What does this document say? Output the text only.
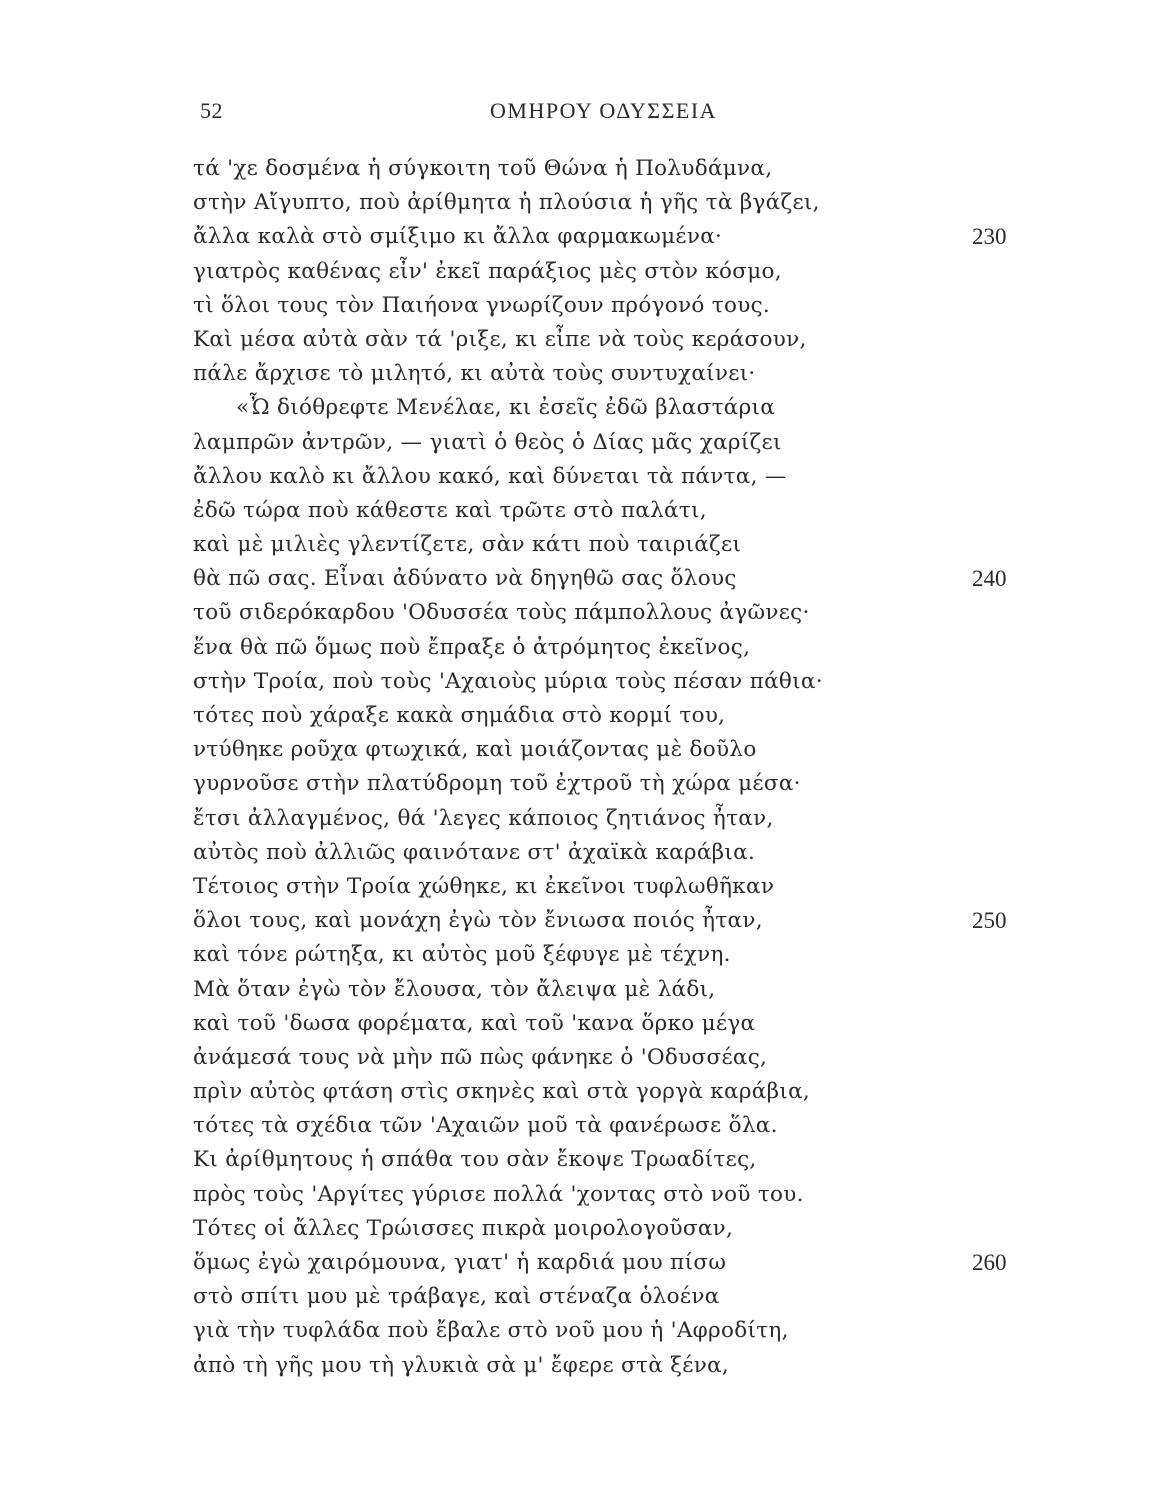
52	ΟΜΗΡΟΥ ΟΔΥΣΣΕΙΑ
τά 'χε δοσμένα ἡ σύγκοιτη τοῦ Θώνα ἡ Πολυδάμνα,
στὴν Αἴγυπτο, ποὺ ἀρίθμητα ἡ πλούσια ἡ γῆς τὰ βγάζει,
ἄλλα καλὰ στὸ σμίξιμο κι ἄλλα φαρμακωμένα·	230
γιατρὸς καθένας εἶν' ἐκεῖ παράξιος μὲς στὸν κόσμο,
τὶ ὅλοι τους τὸν Παιήονα γνωρίζουν πρόγονό τους.
Καὶ μέσα αὐτὰ σὰν τά 'ριξε, κι εἶπε νὰ τοὺς κεράσουν,
πάλε ἄρχισε τὸ μιλητό, κι αὐτὰ τοὺς συντυχαίνει·
«Ὦ διόθρεφτε Μενέλαε, κι ἐσεῖς ἐδῶ βλαστάρια
λαμπρῶν ἀντρῶν, — γιατὶ ὁ θεὸς ὁ Δίας μᾶς χαρίζει
ἄλλου καλὸ κι ἄλλου κακό, καὶ δύνεται τὰ πάντα, —
ἐδῶ τώρα ποὺ κάθεστε καὶ τρῶτε στὸ παλάτι,
καὶ μὲ μιλιὲς γλεντίζετε, σὰν κάτι ποὺ ταιριάζει
θὰ πῶ σας. Εἶναι ἀδύνατο νὰ δηγηθῶ σας ὅλους	240
τοῦ σιδερόκαρδου 'Οδυσσέα τοὺς πάμπολλους ἀγῶνες·
ἕνα θὰ πῶ ὅμως ποὺ ἔπραξε ὁ ἀτρόμητος ἐκεῖνος,
στὴν Τροία, ποὺ τοὺς 'Αχαιοὺς μύρια τοὺς πέσαν πάθια·
τότες ποὺ χάραξε κακὰ σημάδια στὸ κορμί του,
ντύθηκε ροῦχα φτωχικά, καὶ μοιάζοντας μὲ δοῦλο
γυρνοῦσε στὴν πλατύδρομη τοῦ ἐχτροῦ τὴ χώρα μέσα·
ἔτσι ἀλλαγμένος, θά 'λεγες κάποιος ζητιάνος ἦταν,
αὐτὸς ποὺ ἀλλιῶς φαινότανε στ' ἀχαϊκὰ καράβια.
Τέτοιος στὴν Τροία χώθηκε, κι ἐκεῖνοι τυφλωθῆκαν
ὅλοι τους, καὶ μονάχη ἐγὼ τὸν ἔνιωσα ποιός ἦταν,	250
καὶ τόνε ρώτηξα, κι αὐτὸς μοῦ ξέφυγε μὲ τέχνη.
Μὰ ὅταν ἐγὼ τὸν ἔλουσα, τὸν ἄλειψα μὲ λάδι,
καὶ τοῦ 'δωσα φορέματα, καὶ τοῦ 'κανα ὅρκο μέγα
ἀνάμεσά τους νὰ μὴν πῶ πὼς φάνηκε ὁ 'Οδυσσέας,
πρὶν αὐτὸς φτάση στὶς σκηνὲς καὶ στὰ γοργὰ καράβια,
τότες τὰ σχέδια τῶν 'Αχαιῶν μοῦ τὰ φανέρωσε ὅλα.
Κι ἀρίθμητους ἡ σπάθα του σὰν ἔκοψε Τρωαδίτες,
πρὸς τοὺς 'Αργίτες γύρισε πολλά 'χοντας στὸ νοῦ του.
Τότες οἱ ἄλλες Τρώισσες πικρὰ μοιρολογοῦσαν,
ὅμως ἐγὼ χαιρόμουνα, γιατ' ἡ καρδιά μου πίσω	260
στὸ σπίτι μου μὲ τράβαγε, καὶ στέναζα ὁλοένα
γιὰ τὴν τυφλάδα ποὺ ἔβαλε στὸ νοῦ μου ἡ 'Αφροδίτη,
ἀπὸ τὴ γῆς μου τὴ γλυκιὰ σὰ μ' ἔφερε στὰ ξένα,
